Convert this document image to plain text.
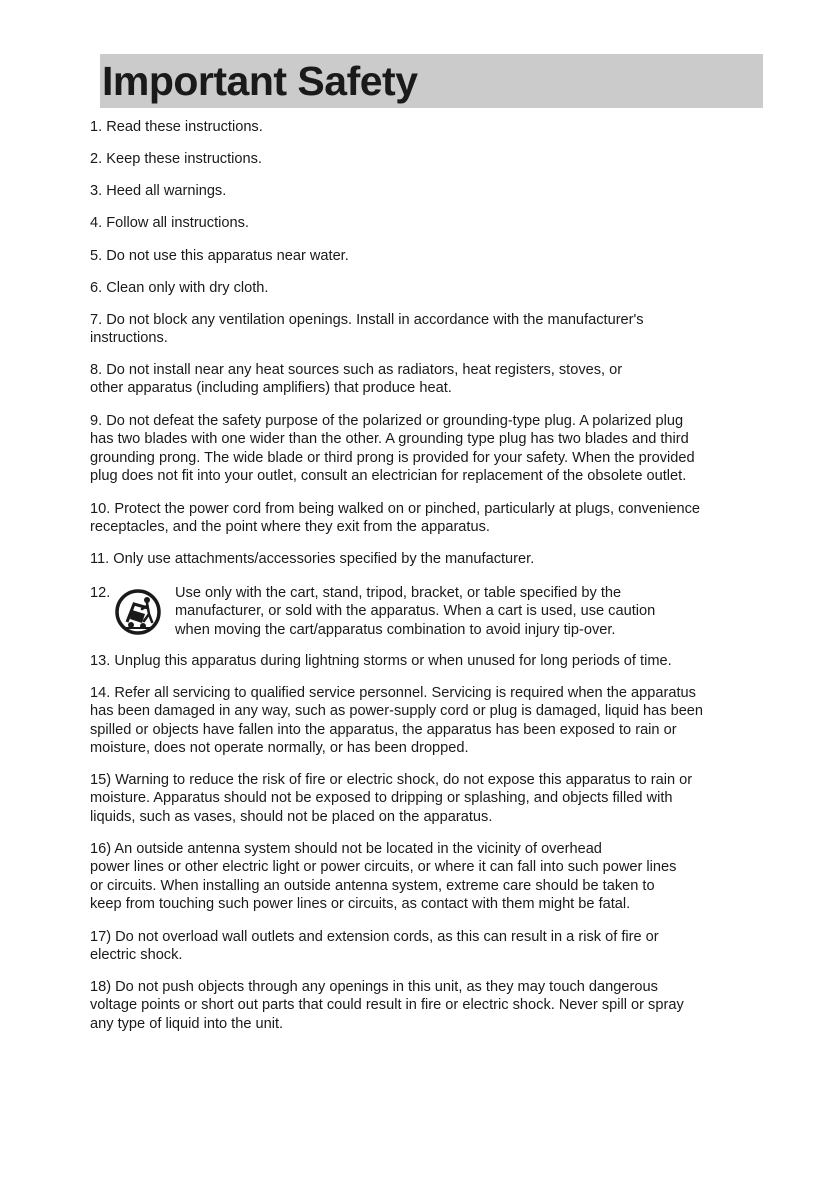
Important Safety
1. Read these instructions.
2. Keep these instructions.
3. Heed all warnings.
4. Follow all instructions.
5. Do not use this apparatus near water.
6. Clean only with dry cloth.
7. Do not block any ventilation openings. Install in accordance with the manufacturer's
instructions.
8. Do not install near any heat sources such as radiators, heat registers, stoves, or
other apparatus (including amplifiers) that produce heat.
9. Do not defeat the safety purpose of the polarized or grounding-type plug. A polarized plug
has two blades with one wider than the other. A grounding type plug has two blades and third
grounding prong. The wide blade or third prong is provided for your safety. When the provided
plug does not fit into your outlet, consult an electrician for replacement of the obsolete outlet.
10. Protect the power cord from being walked on or pinched, particularly at plugs, convenience
receptacles, and the point where they exit from the apparatus.
11. Only use attachments/accessories specified by the manufacturer.
12.	Use only with the cart, stand, tripod, bracket, or table specified by the
manufacturer, or sold with the apparatus. When a cart is used, use caution
when moving the cart/apparatus combination to avoid injury tip-over.
13. Unplug this apparatus during lightning storms or when unused for long periods of time.
14. Refer all servicing to qualified service personnel. Servicing is required when the apparatus
has been damaged in any way, such as power-supply cord or plug is damaged, liquid has been
spilled or objects have fallen into the apparatus, the apparatus has been exposed to rain or
moisture, does not operate normally, or has been dropped.
15) Warning to reduce the risk of fire or electric shock, do not expose this apparatus to rain or
moisture. Apparatus should not be exposed to dripping or splashing, and objects filled with
liquids, such as vases, should not be placed on the apparatus.
16) An outside antenna system should not be located in the vicinity of overhead
power lines or other electric light or power circuits, or where it can fall into such power lines
or circuits. When installing an outside antenna system, extreme care should be taken to
keep from touching such power lines or circuits, as contact with them might be fatal.
17) Do not overload wall outlets and extension cords, as this can result in a risk of fire or
electric shock.
18) Do not push objects through any openings in this unit, as they may touch dangerous
voltage points or short out parts that could result in fire or electric shock. Never spill or spray
any type of liquid into the unit.
